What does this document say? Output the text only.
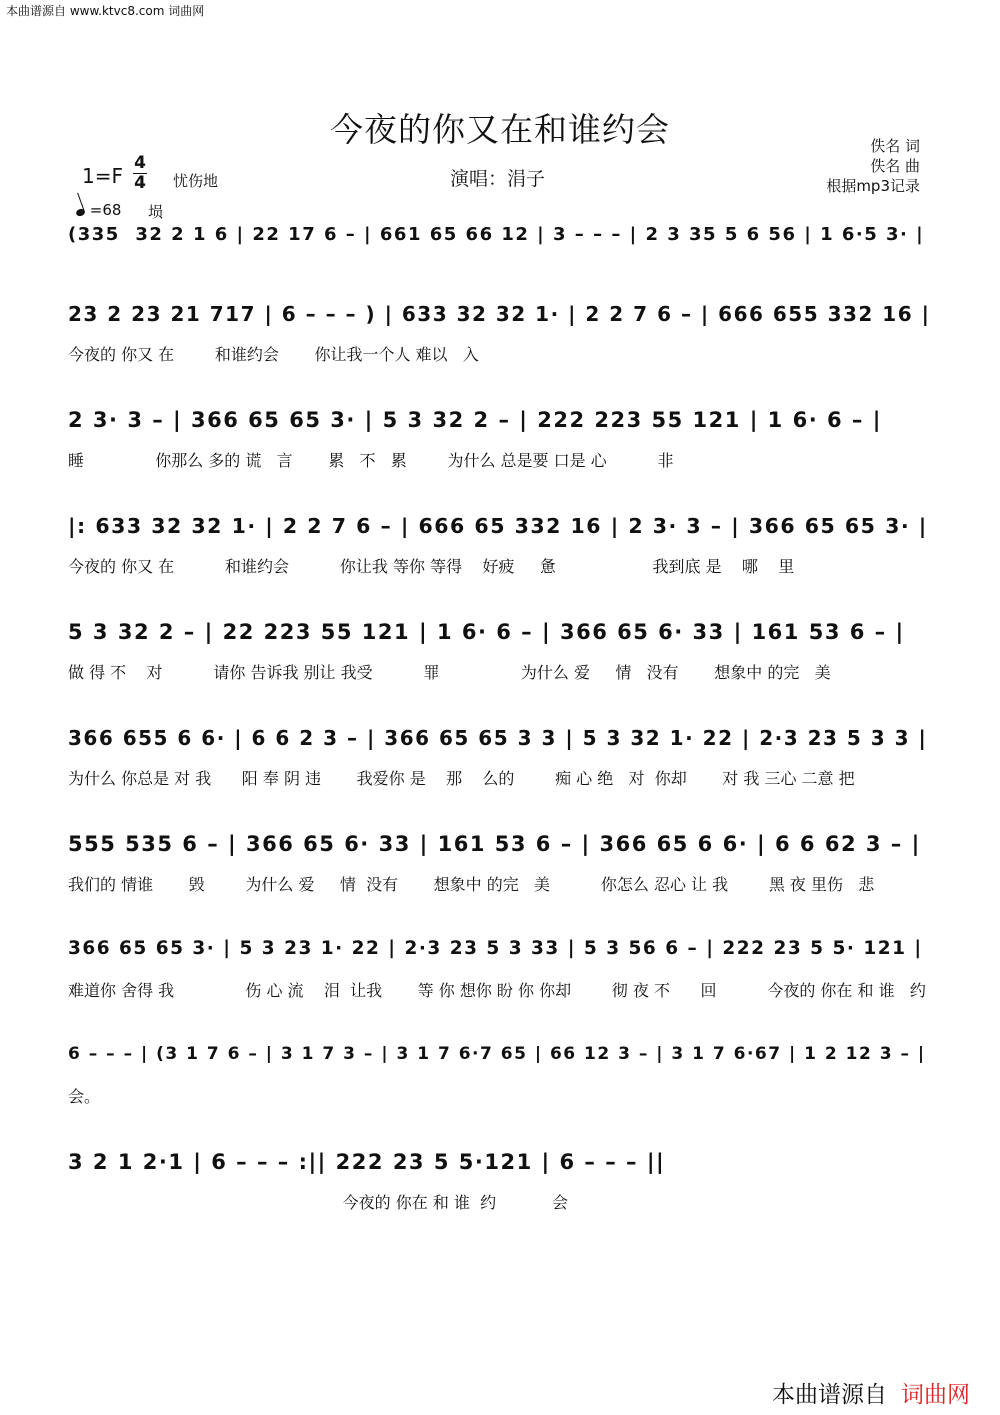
本曲谱源自 www.ktvc8.com 词曲网
今夜的你又在和谁约会	佚名 词
佚名 曲
根据mp3记录
1=F
4
4 忧伤地	演唱：涓子
=68 埙
(335  32 2 1 6 | 22 17 6 – | 661 65 66 12 | 3 – – – | 2 3 35 5 6 56 | 1 6·5 3· |
23 2 23 21 717 | 6 – – – ) | 633 32 32 1· | 2 2 7 6 – | 666 655 332 16 |
今夜的 你又 在        和谁约会       你让我一个人 难以   入
2 3· 3 – | 366 65 65 3· | 5 3 32 2 – | 222 223 55 121 | 1 6· 6 – |
睡              你那么 多的 谎   言       累   不   累        为什么 总是要 口是 心          非
|: 633 32 32 1· | 2 2 7 6 – | 666 65 332 16 | 2 3· 3 – | 366 65 65 3· |
今夜的 你又 在          和谁约会          你让我 等你 等得    好疲     惫                   我到底 是    哪    里
5 3 32 2 – | 22 223 55 121 | 1 6· 6 – | 366 65 6· 33 | 161 53 6 – |
做 得 不    对          请你 告诉我 别让 我受          罪                为什么 爱     情   没有       想象中 的完   美
366 655 6 6· | 6 6 2 3 – | 366 65 65 3 3 | 5 3 32 1· 22 | 2·3 23 5 3 3 |
为什么 你总是 对 我      阳 奉 阴 违       我爱你 是    那    么的        痴 心 绝   对  你却       对 我 三心 二意 把
555 535 6 – | 366 65 6· 33 | 161 53 6 – | 366 65 6 6· | 6 6 62 3 – |
我们的 情谁       毁        为什么 爱     情  没有       想象中 的完   美          你怎么 忍心 让 我        黑 夜 里伤   悲
366 65 65 3· | 5 3 23 1· 22 | 2·3 23 5 3 33 | 5 3 56 6 – | 222 23 5 5· 121 |
难道你 舍得 我              伤 心 流    泪  让我       等 你 想你 盼 你 你却        彻 夜 不      回          今夜的 你在 和 谁   约
6 – – – | (3 1 7 6 – | 3 1 7 3 – | 3 1 7 6·7 65 | 66 12 3 – | 3 1 7 6·67 | 1 2 12 3 – |
会。
3 2 1 2·1 | 6 – – – :|| 222 23 5 5·121 | 6 – – – ||
今夜的 你在 和 谁  约           会
本曲谱源自 词曲网
